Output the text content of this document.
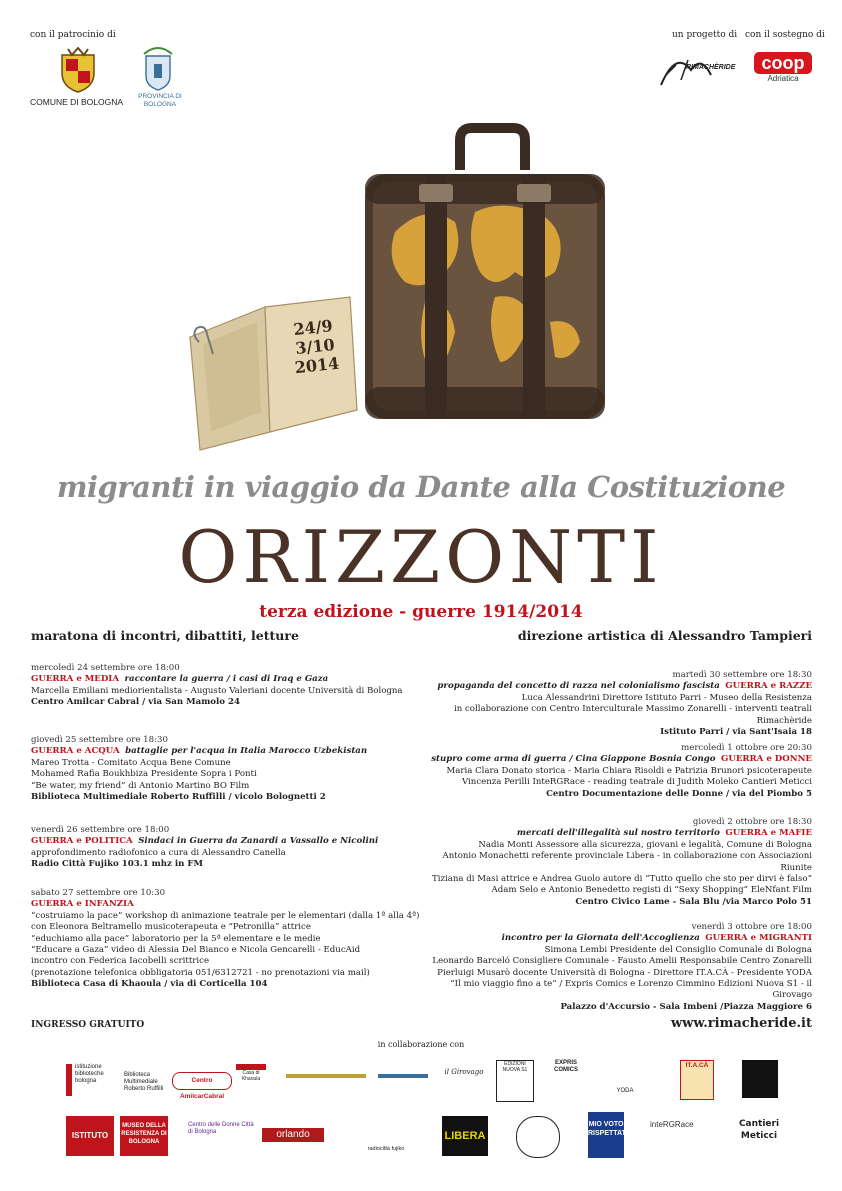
con il patrocinio di
COMUNE DI BOLOGNA
PROVINCIA DI BOLOGNA
un progetto di
RIMACHÈRIDE
con il sostegno di
coop
Adriatica
24/9
3/10
2014
migranti in viaggio da Dante alla Costituzione
ORIZZONTI
terza edizione - guerre 1914/2014
maratona di incontri, dibattiti, letture	direzione artistica di Alessandro Tampieri
mercoledì 24 settembre ore 18:00
GUERRA e MEDIA raccontare la guerra / i casi di Iraq e Gaza
Marcella Emiliani mediorientalista - Augusto Valeriani docente Università di Bologna
Centro Amilcar Cabral / via San Mamolo 24
giovedì 25 settembre ore 18:30
GUERRA e ACQUA battaglie per l'acqua in Italia Marocco Uzbekistan
Mareo Trotta - Comitato Acqua Bene Comune
Mohamed Rafia Boukhbiza Presidente Sopra i Ponti
“Be water, my friend” di Antonio Martino BO Film
Biblioteca Multimediale Roberto Ruffilli / vicolo Bolognetti 2
venerdì 26 settembre ore 18:00
GUERRA e POLITICA Sindaci in Guerra da Zanardi a Vassallo e Nicolini
approfondimento radiofonico a cura di Alessandro Canella
Radio Città Fujiko 103.1 mhz in FM
sabato 27 settembre ore 10:30
GUERRA e INFANZIA
“costruiamo la pace” workshop di animazione teatrale per le elementari (dalla 1ª alla 4ª)
con Eleonora Beltramello musicoterapeuta e “Petronilla” attrice
“educhiamo alla pace” laboratorio per la 5ª elementare e le medie
“Educare a Gaza” video di Alessia Del Bianco e Nicola Gencarelli - EducAid
incontro con Federica Iacobelli scrittrice
(prenotazione telefonica obbligatoria 051/6312721 - no prenotazioni via mail)
Biblioteca Casa di Khaoula / via di Corticella 104
martedì 30 settembre ore 18:30
propaganda del concetto di razza nel colonialismo fascista GUERRA e RAZZE
Luca Alessandrini Direttore Istituto Parri - Museo della Resistenza
in collaborazione con Centro Interculturale Massimo Zonarelli - interventi teatrali Rimachèride
Istituto Parri / via Sant'Isaia 18
mercoledì 1 ottobre ore 20:30
stupro come arma di guerra / Cina Giappone Bosnia Congo GUERRA e DONNE
Maria Clara Donato storica - Maria Chiara Risoldi e Patrizia Brunori psicoterapeute
Vincenza Perilli InteRGRace - reading teatrale di Judith Moleko Cantieri Meticci
Centro Documentazione delle Donne / via del Piombo 5
giovedì 2 ottobre ore 18:30
mercati dell'illegalità sul nostro territorio GUERRA e MAFIE
Nadia Monti Assessore alla sicurezza, giovani e legalità, Comune di Bologna
Antonio Monachetti referente provinciale Libera - in collaborazione con Associazioni Riunite
Tiziana di Masi attrice e Andrea Guolo autore di “Tutto quello che sto per dirvi è falso”
Adam Selo e Antonio Benedetto registi di “Sexy Shopping” EleNfant Film
Centro Civico Lame - Sala Blu /via Marco Polo 51
venerdì 3 ottobre ore 18:00
incontro per la Giornata dell'Accoglienza GUERRA e MIGRANTI
Simona Lembi Presidente del Consiglio Comunale di Bologna
Leonardo Barceló Consigliere Comunale - Fausto Amelii Responsabile Centro Zonarelli
Pierluigi Musarò docente Università di Bologna - Direttore IT.A.CÀ - Presidente YODA
“Il mio viaggio fino a te” / Expris Comics e Lorenzo Cimmino Edizioni Nuova S1 - il Girovago
Palazzo d'Accursio - Sala Imbeni /Piazza Maggiore 6
INGRESSO GRATUITO	www.rimacheride.it
in collaborazione con
istituzione biblioteche bologna
Biblioteca Multimediale Roberto Ruffilli
Centro AmilcarCabral
Casa di Khaoula
il Girovago
EDIZIONI NUOVA S1
EXPRIS COMICS
YODA
IT.A.CÀ
ISTITUTO
MUSEO DELLA RESISTENZA DI BOLOGNA
Centro delle Donne Città di Bologna	orlando
radiocittà fujiko
LIBERA
MIO VOTO RISPETTATO
inteRGRace	Cantieri Meticci
